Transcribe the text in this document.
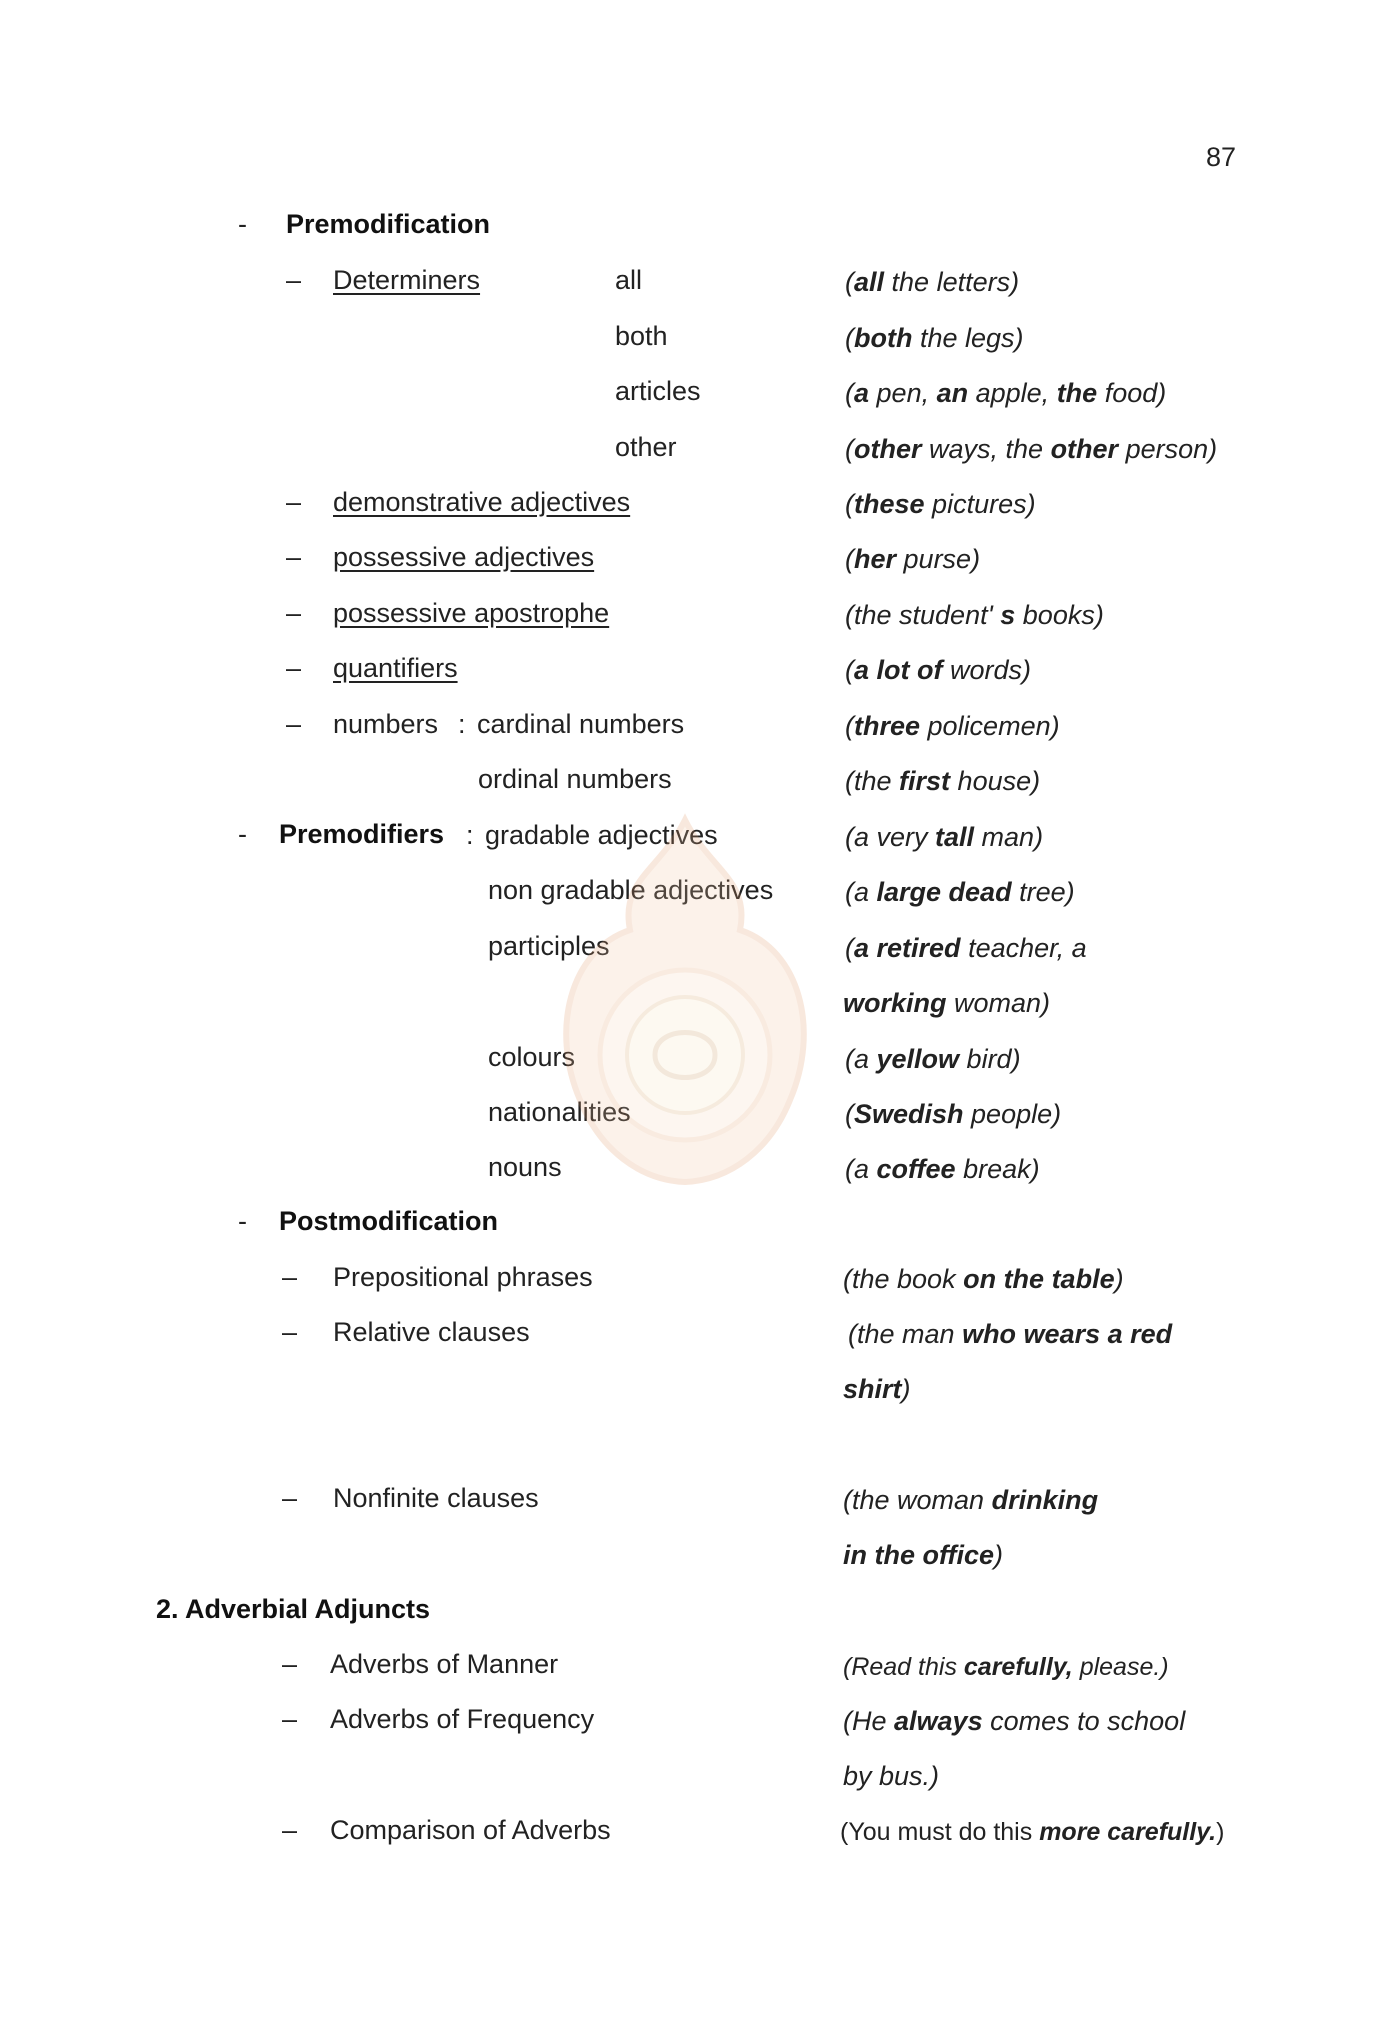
87
- Premodification
– Determiners	all	(all the letters)
both	(both the legs)
articles	(a pen, an apple, the food)
other	(other ways, the other person)
– demonstrative adjectives	(these pictures)
– possessive adjectives	(her purse)
– possessive apostrophe	(the student' s books)
– quantifiers	(a lot of words)
– numbers : cardinal numbers	(three policemen)
ordinal numbers	(the first house)
- Premodifiers : gradable adjectives	(a very tall man)
non gradable adjectives	(a large dead tree)
participles	(a retired teacher, a
working woman)
colours	(a yellow bird)
nationalities	(Swedish people)
nouns	(a coffee break)
- Postmodification
– Prepositional phrases	(the book on the table)
– Relative clauses	(the man who wears a red
shirt)
– Nonfinite clauses	(the woman drinking
in the office)
2. Adverbial Adjuncts
– Adverbs of Manner	(Read this carefully, please.)
– Adverbs of Frequency	(He always comes to school
by bus.)
– Comparison of Adverbs	(You must do this more carefully.)
